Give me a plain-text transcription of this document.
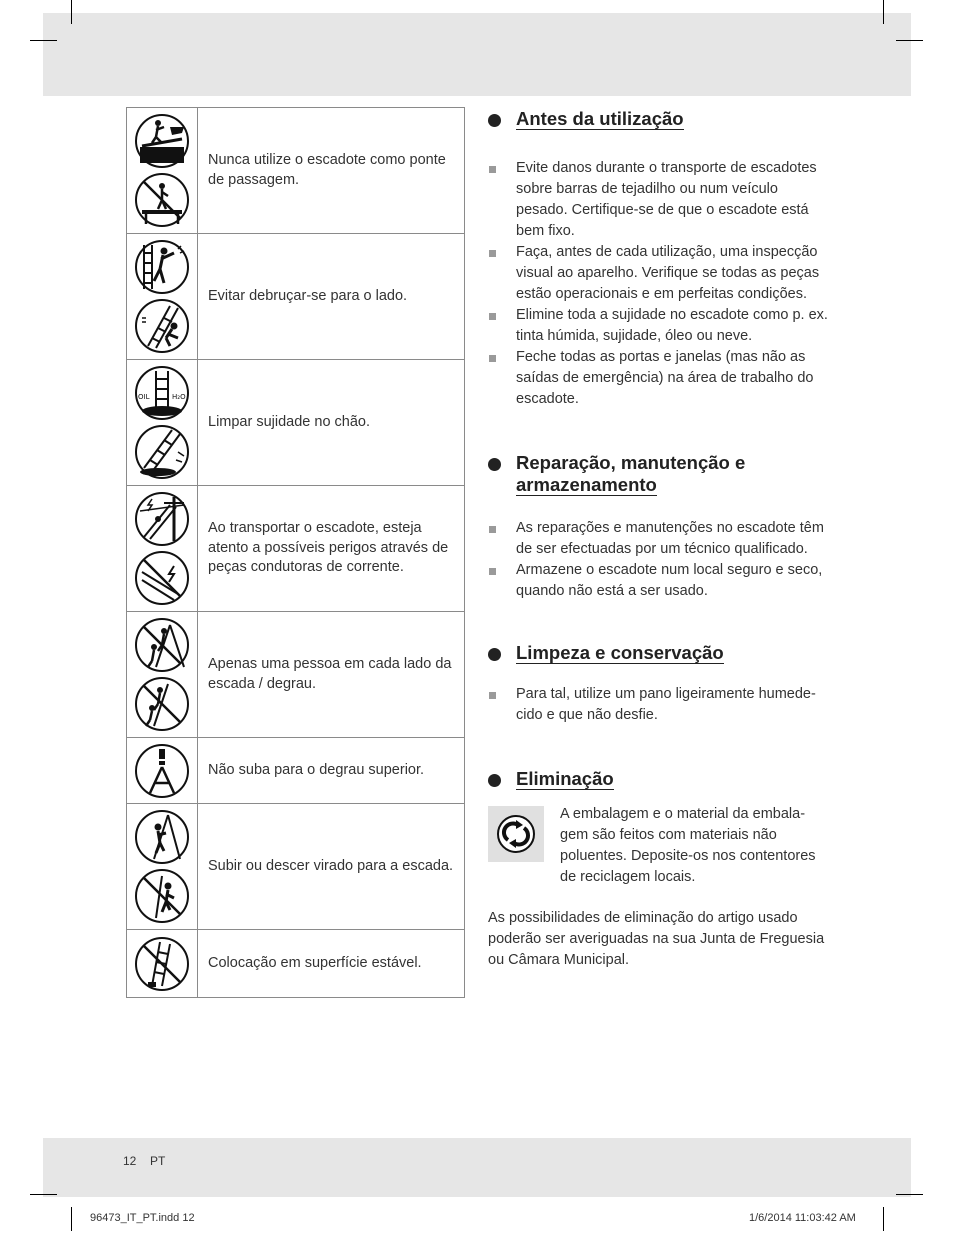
Nunca utilize o escadote como ponte de passagem.
Evitar debruçar-se para o lado.
OIL	H₂O
Limpar sujidade no chão.
Ao transportar o escadote, esteja atento a possíveis perigos através de peças condutoras de corrente.
Apenas uma pessoa em cada lado da escada / degrau.
Não suba para o degrau superior.
Subir ou descer virado para a escada.
Colocação em superfície estável.
Antes da utilização
Evite danos durante o transporte de escadotes sobre barras de tejadilho ou num veículo pesado. Certifique-se de que o escadote está bem fixo.
Faça, antes de cada utilização, uma inspecção visual ao aparelho. Verifique se todas as peças estão operacionais e em perfeitas condições.
Elimine toda a sujidade no escadote como p. ex. tinta húmida, sujidade, óleo ou neve.
Feche todas as portas e janelas (mas não as saídas de emergência) na área de trabalho do escadote.
Reparação, manutenção e
armazenamento
As reparações e manutenções no escadote têm de ser efectuadas por um técnico qualificado.
Armazene o escadote num local seguro e seco, quando não está a ser usado.
Limpeza e conservação
Para tal, utilize um pano ligeiramente humede-cido e que não desfie.
Eliminação
A embalagem e o material da embala-gem são feitos com materiais não poluentes. Deposite-os nos contentores de reciclagem locais.
As possibilidades de eliminação do artigo usado poderão ser averiguadas na sua Junta de Freguesia ou Câmara Municipal.
12 PT
96473_IT_PT.indd 12	1/6/2014 11:03:42 AM
